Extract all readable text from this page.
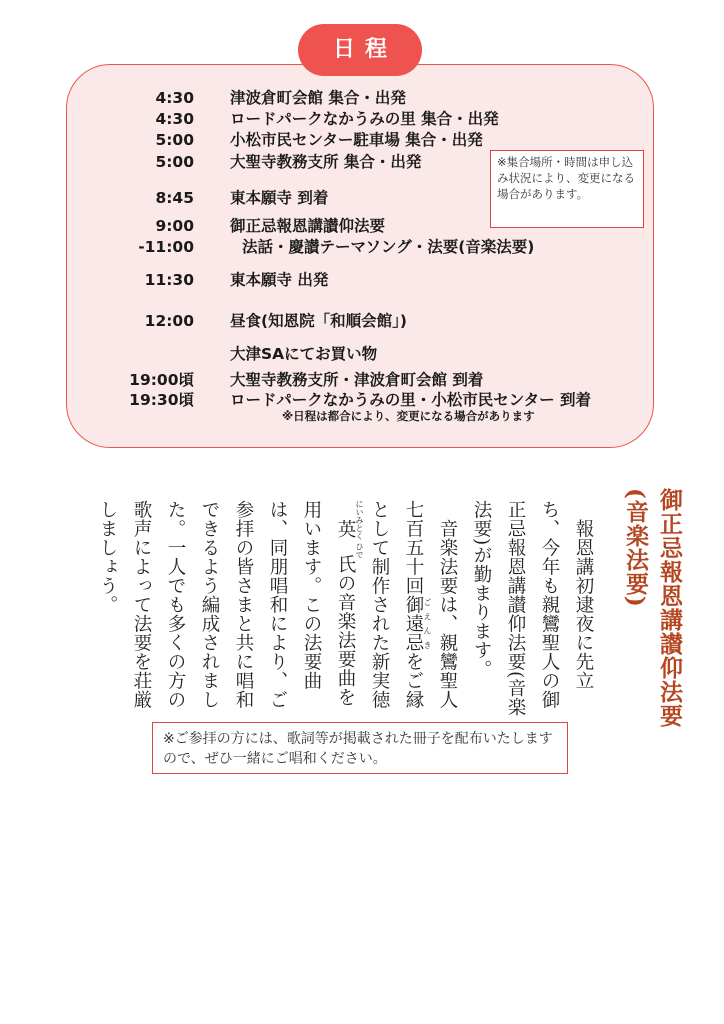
日程
4:30 津波倉町会館 集合・出発
4:30 ロードパークなかうみの里 集合・出発
5:00 小松市民センター駐車場 集合・出発
5:00 大聖寺教務支所 集合・出発
8:45 東本願寺 到着
9:00 御正忌報恩講讃仰法要
-11:00	法話・慶讃テーマソング・法要(音楽法要)
11:30 東本願寺 出発
12:00 昼食(知恩院「和順会館」)
大津SAにてお買い物
19:00頃 大聖寺教務支所・津波倉町会館 到着
19:30頃 ロードパークなかうみの里・小松市民センター 到着
※集合場所・時間は申し込み状況により、変更になる場合があります。
※日程は都合により、変更になる場合があります
御正忌報恩講讃仰法要(音楽法要)

報恩講初逮夜に先立ち、今年も親鸞聖人の御正忌報恩講讃仰法要(音楽法要)が勤まります。

音楽法要は、親鸞聖人七百五十回御遠忌 ごえんきをご縁として制作された新実徳英 にいみとく ひで氏の音楽法要曲を用います。この法要曲は、同朋唱和により、ご参拝の皆さまと共に唱和できるよう編成されました。一人でも多くの方の歌声によって法要を荘厳しましょう。

※ご参拝の方には、歌詞等が掲載された冊子を配布いたしますので、ぜひ一緒にご唱和ください。
